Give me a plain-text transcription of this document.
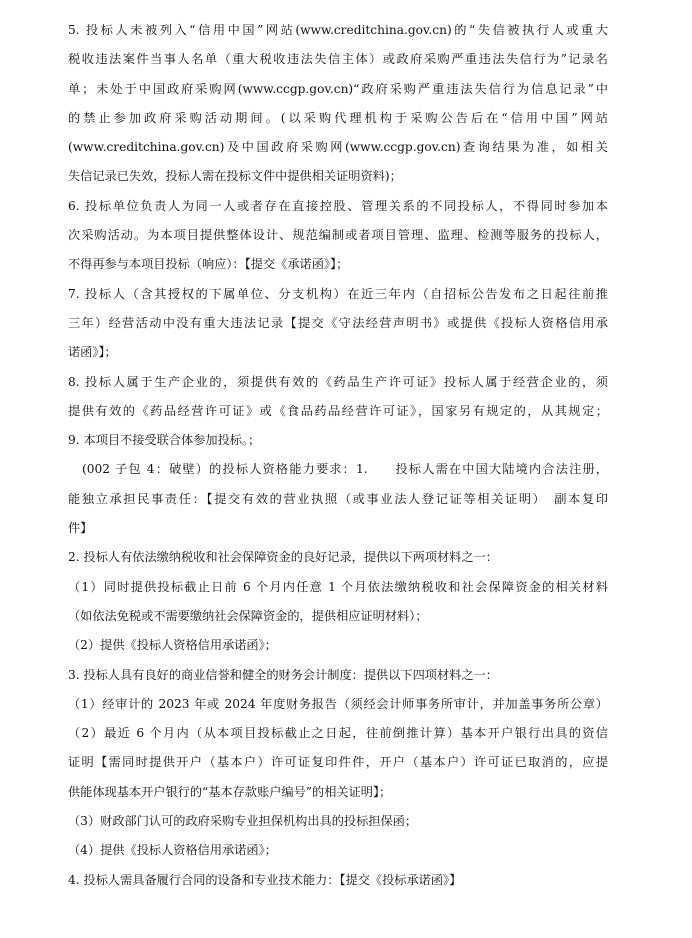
5. 投标人未被列入“信用中国”网站(www.creditchina.gov.cn)的“失信被执行人或重大
税收违法案件当事人名单（重大税收违法失信主体）或政府采购严重违法失信行为”记录名
单；未处于中国政府采购网(www.ccgp.gov.cn)“政府采购严重违法失信行为信息记录”中
的禁止参加政府采购活动期间。(以采购代理机构于采购公告后在“信用中国”网站
(www.creditchina.gov.cn)及中国政府采购网(www.ccgp.gov.cn)查询结果为准，如相关
失信记录已失效，投标人需在投标文件中提供相关证明资料)；
6. 投标单位负责人为同一人或者存在直接控股、管理关系的不同投标人，不得同时参加本
次采购活动。为本项目提供整体设计、规范编制或者项目管理、监理、检测等服务的投标人，
不得再参与本项目投标（响应）：【提交《承诺函》】；
7. 投标人（含其授权的下属单位、分支机构）在近三年内（自招标公告发布之日起往前推
三年）经营活动中没有重大违法记录【提交《守法经营声明书》或提供《投标人资格信用承
诺函》】；
8. 投标人属于生产企业的，须提供有效的《药品生产许可证》投标人属于经营企业的，须
提供有效的《药品经营许可证》或《食品药品经营许可证》，国家另有规定的，从其规定；
9. 本项目不接受联合体参加投标。；
(002 子包 4：破壁）的投标人资格能力要求：1.　　投标人需在中国大陆境内合法注册，
能独立承担民事责任：【提交有效的营业执照（或事业法人登记证等相关证明）　副本复印
件】
2. 投标人有依法缴纳税收和社会保障资金的良好记录，提供以下两项材料之一：
（1）同时提供投标截止日前 6 个月内任意 1 个月依法缴纳税收和社会保障资金的相关材料
（如依法免税或不需要缴纳社会保障资金的，提供相应证明材料）；
（2）提供《投标人资格信用承诺函》；
3. 投标人具有良好的商业信誉和健全的财务会计制度：提供以下四项材料之一：
（1）经审计的 2023 年或 2024 年度财务报告（须经会计师事务所审计，并加盖事务所公章）
（2）最近 6 个月内（从本项目投标截止之日起，往前倒推计算）基本开户银行出具的资信
证明【需同时提供开户（基本户）许可证复印件件，开户（基本户）许可证已取消的，应提
供能体现基本开户银行的“基本存款账户编号”的相关证明】；
（3）财政部门认可的政府采购专业担保机构出具的投标担保函；
（4）提供《投标人资格信用承诺函》；
4. 投标人需具备履行合同的设备和专业技术能力：【提交《投标承诺函》】
